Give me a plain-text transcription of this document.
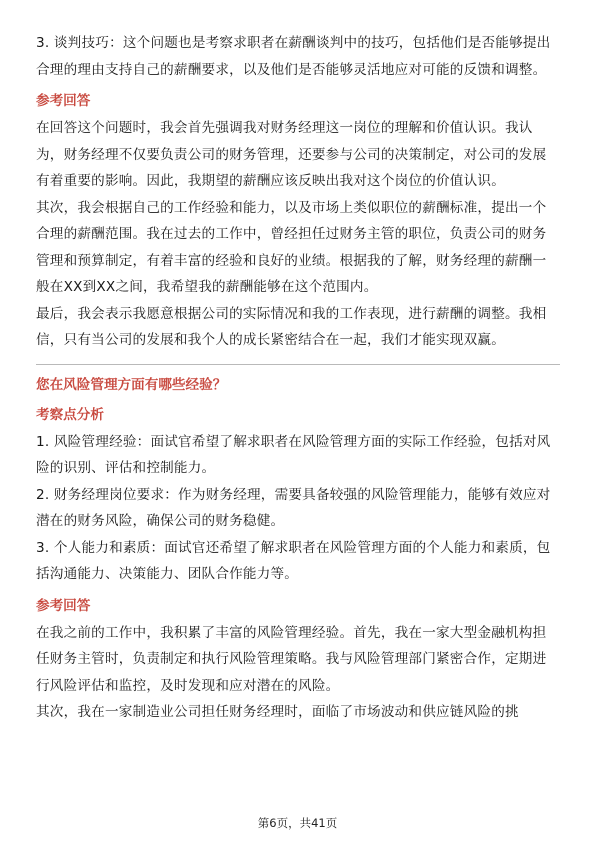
3. 谈判技巧：这个问题也是考察求职者在薪酬谈判中的技巧，包括他们是否能够提出合理的理由支持自己的薪酬要求，以及他们是否能够灵活地应对可能的反馈和调整。

参考回答

在回答这个问题时，我会首先强调我对财务经理这一岗位的理解和价值认识。我认为，财务经理不仅要负责公司的财务管理，还要参与公司的决策制定，对公司的发展有着重要的影响。因此，我期望的薪酬应该反映出我对这个岗位的价值认识。

其次，我会根据自己的工作经验和能力，以及市场上类似职位的薪酬标准，提出一个合理的薪酬范围。我在过去的工作中，曾经担任过财务主管的职位，负责公司的财务管理和预算制定，有着丰富的经验和良好的业绩。根据我的了解，财务经理的薪酬一般在XX到XX之间，我希望我的薪酬能够在这个范围内。

最后，我会表示我愿意根据公司的实际情况和我的工作表现，进行薪酬的调整。我相信，只有当公司的发展和我个人的成长紧密结合在一起，我们才能实现双赢。

您在风险管理方面有哪些经验？
考察点分析

1. 风险管理经验：面试官希望了解求职者在风险管理方面的实际工作经验，包括对风险的识别、评估和控制能力。

2. 财务经理岗位要求：作为财务经理，需要具备较强的风险管理能力，能够有效应对潜在的财务风险，确保公司的财务稳健。

3. 个人能力和素质：面试官还希望了解求职者在风险管理方面的个人能力和素质，包括沟通能力、决策能力、团队合作能力等。

参考回答

在我之前的工作中，我积累了丰富的风险管理经验。首先，我在一家大型金融机构担任财务主管时，负责制定和执行风险管理策略。我与风险管理部门紧密合作，定期进行风险评估和监控，及时发现和应对潜在的风险。

其次，我在一家制造业公司担任财务经理时，面临了市场波动和供应链风险的挑

第6页，共41页
